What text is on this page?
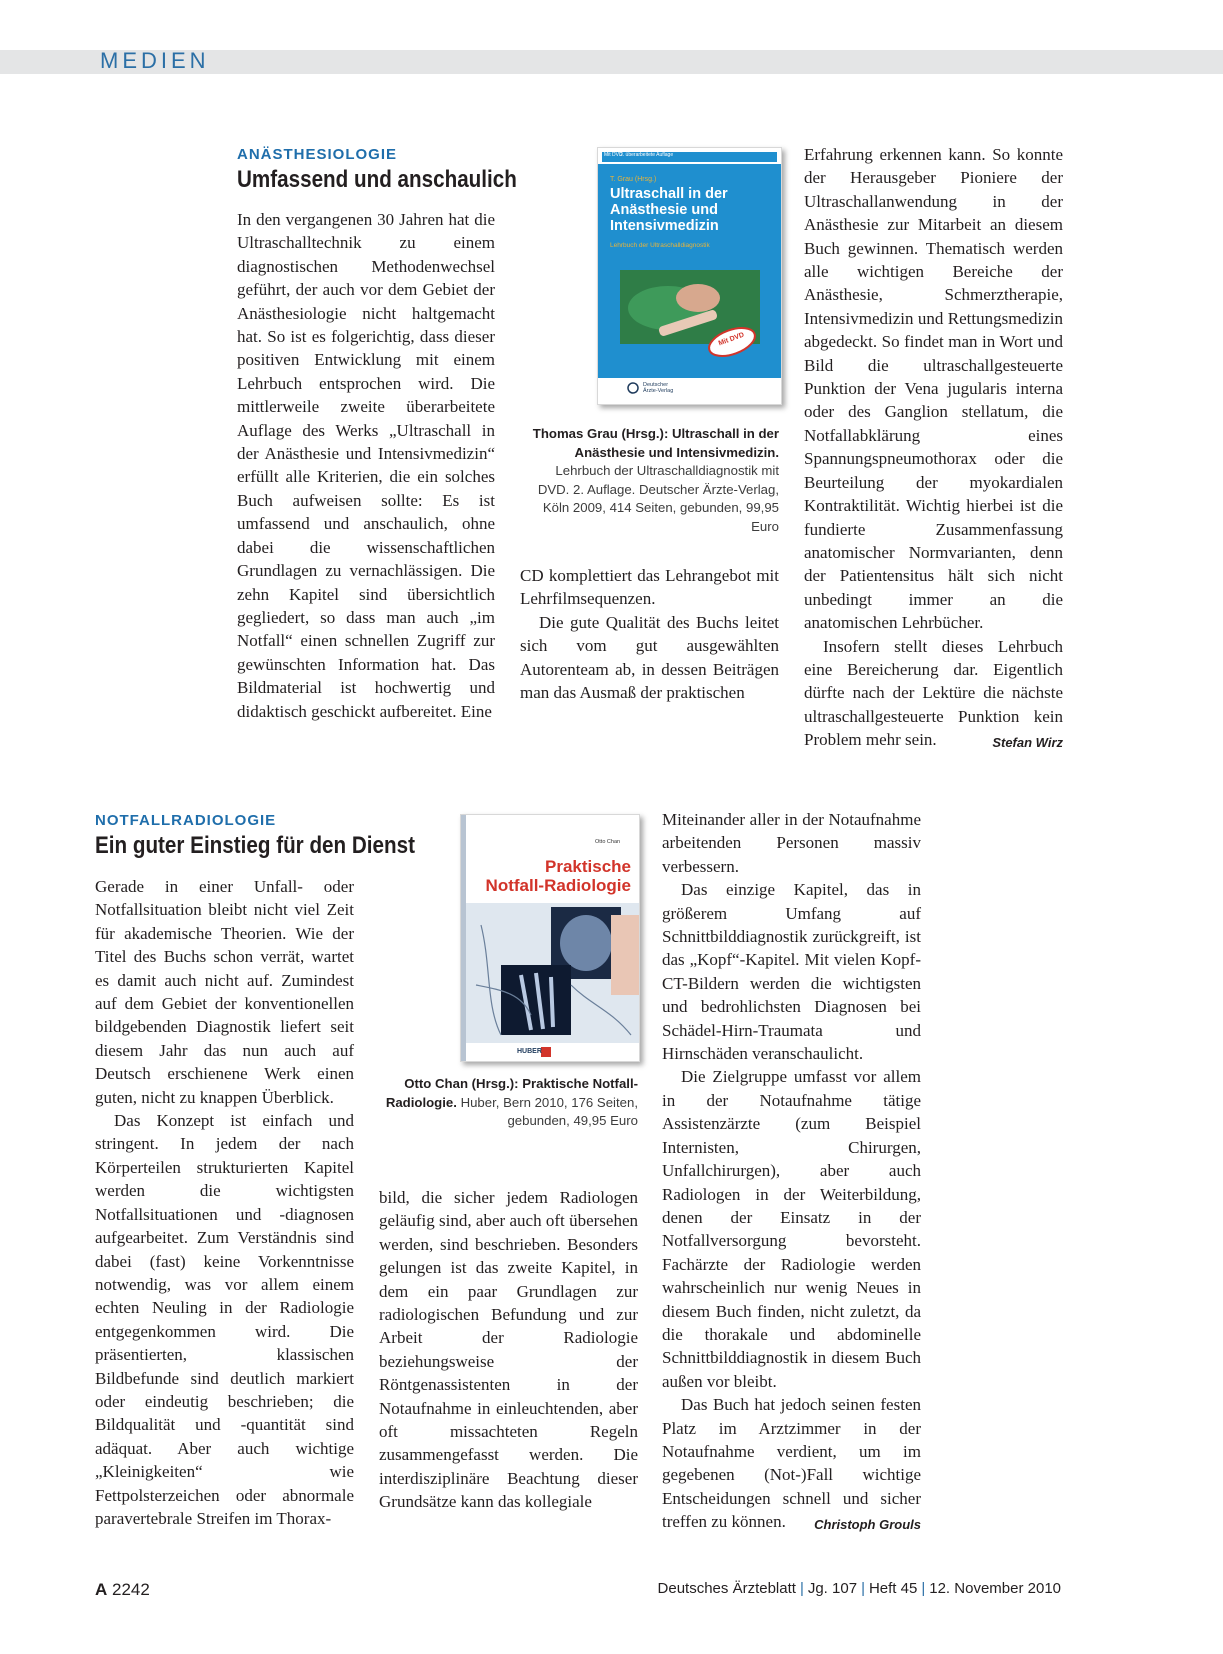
MEDIEN
ANÄSTHESIOLOGIE
Umfassend und anschaulich

In den vergangenen 30 Jahren hat die Ultraschalltechnik zu einem diagnostischen Methodenwechsel geführt, der auch vor dem Gebiet der Anästhesiologie nicht haltgemacht hat. So ist es folgerichtig, dass dieser positiven Entwicklung mit einem Lehrbuch entsprochen wird. Die mittlerweile zweite überarbeitete Auflage des Werks „Ultraschall in der Anästhesie und Intensivmedizin“ erfüllt alle Kriterien, die ein solches Buch aufweisen sollte: Es ist umfassend und anschaulich, ohne dabei die wissenschaftlichen Grundlagen zu vernachlässigen. Die zehn Kapitel sind übersichtlich gegliedert, so dass man auch „im Notfall“ einen schnellen Zugriff zur gewünschten Information hat. Das Bildmaterial ist hochwertig und didaktisch geschickt aufbereitet. Eine

Mit DVD
2. überarbeitete Auflage
T. Grau (Hrsg.)
Ultraschall in der
Anästhesie und
Intensivmedizin
Lehrbuch der Ultraschalldiagnostik
Mit DVD
Deutscher
Ärzte-Verlag
Thomas Grau (Hrsg.): Ultraschall in der Anästhesie und Intensivmedizin. Lehrbuch der Ultraschalldiagnostik mit DVD. 2. Auflage. Deutscher Ärzte-Verlag, Köln 2009, 414 Seiten, gebunden, 99,95 Euro

CD komplettiert das Lehrangebot mit Lehrfilmsequenzen.

Die gute Qualität des Buchs leitet sich vom gut ausgewählten Autorenteam ab, in dessen Beiträgen man das Ausmaß der praktischen

Erfahrung erkennen kann. So konnte der Herausgeber Pioniere der Ultraschallanwendung in der Anästhesie zur Mitarbeit an diesem Buch gewinnen. Thematisch werden alle wichtigen Bereiche der Anästhesie, Schmerztherapie, Intensivmedizin und Rettungsmedizin abgedeckt. So findet man in Wort und Bild die ultraschallgesteuerte Punktion der Vena jugularis interna oder des Ganglion stellatum, die Notfallabklärung eines Spannungspneumothorax oder die Beurteilung der myokardialen Kontraktilität. Wichtig hierbei ist die fundierte Zusammenfassung anatomischer Normvarianten, denn der Patientensitus hält sich nicht unbedingt immer an die anatomischen Lehrbücher.

Insofern stellt dieses Lehrbuch eine Bereicherung dar. Eigentlich dürfte nach der Lektüre die nächste ultraschallgesteuerte Punktion kein Problem mehr sein.	Stefan Wirz

NOTFALLRADIOLOGIE
Ein guter Einstieg für den Dienst

Gerade in einer Unfall- oder Notfallsituation bleibt nicht viel Zeit für akademische Theorien. Wie der Titel des Buchs schon verrät, wartet es damit auch nicht auf. Zumindest auf dem Gebiet der konventionellen bildgebenden Diagnostik liefert seit diesem Jahr das nun auch auf Deutsch erschienene Werk einen guten, nicht zu knappen Überblick.

Das Konzept ist einfach und stringent. In jedem der nach Körperteilen strukturierten Kapitel werden die wichtigsten Notfallsituationen und -diagnosen aufgearbeitet. Zum Verständnis sind dabei (fast) keine Vorkenntnisse notwendig, was vor allem einem echten Neuling in der Radiologie entgegenkommen wird. Die präsentierten, klassischen Bildbefunde sind deutlich markiert oder eindeutig beschrieben; die Bildqualität und -quantität sind adäquat. Aber auch wichtige „Kleinigkeiten“ wie Fettpolsterzeichen oder abnormale paravertebrale Streifen im Thorax-

Otto Chan
Praktische
Notfall-Radiologie
HUBER
Otto Chan (Hrsg.): Praktische Notfall-Radiologie. Huber, Bern 2010, 176 Seiten, gebunden, 49,95 Euro

bild, die sicher jedem Radiologen geläufig sind, aber auch oft übersehen werden, sind beschrieben. Besonders gelungen ist das zweite Kapitel, in dem ein paar Grundlagen zur radiologischen Befundung und zur Arbeit der Radiologie beziehungsweise der Röntgenassistenten in der Notaufnahme in einleuchtenden, aber oft missachteten Regeln zusammengefasst werden. Die interdisziplinäre Beachtung dieser Grundsätze kann das kollegiale

Miteinander aller in der Notaufnahme arbeitenden Personen massiv verbessern.

Das einzige Kapitel, das in größerem Umfang auf Schnittbilddiagnostik zurückgreift, ist das „Kopf“-Kapitel. Mit vielen Kopf-CT-Bildern werden die wichtigsten und bedrohlichsten Diagnosen bei Schädel-Hirn-Traumata und Hirnschäden veranschaulicht.

Die Zielgruppe umfasst vor allem in der Notaufnahme tätige Assistenzärzte (zum Beispiel Internisten, Chirurgen, Unfallchirurgen), aber auch Radiologen in der Weiterbildung, denen der Einsatz in der Notfallversorgung bevorsteht. Fachärzte der Radiologie werden wahrscheinlich nur wenig Neues in diesem Buch finden, nicht zuletzt, da die thorakale und abdominelle Schnittbilddiagnostik in diesem Buch außen vor bleibt.

Das Buch hat jedoch seinen festen Platz im Arztzimmer in der Notaufnahme verdient, um im gegebenen (Not-)Fall wichtige Entscheidungen schnell und sicher treffen zu können.	Christoph Grouls

A 2242	Deutsches Ärzteblatt | Jg. 107 | Heft 45 | 12. November 2010
